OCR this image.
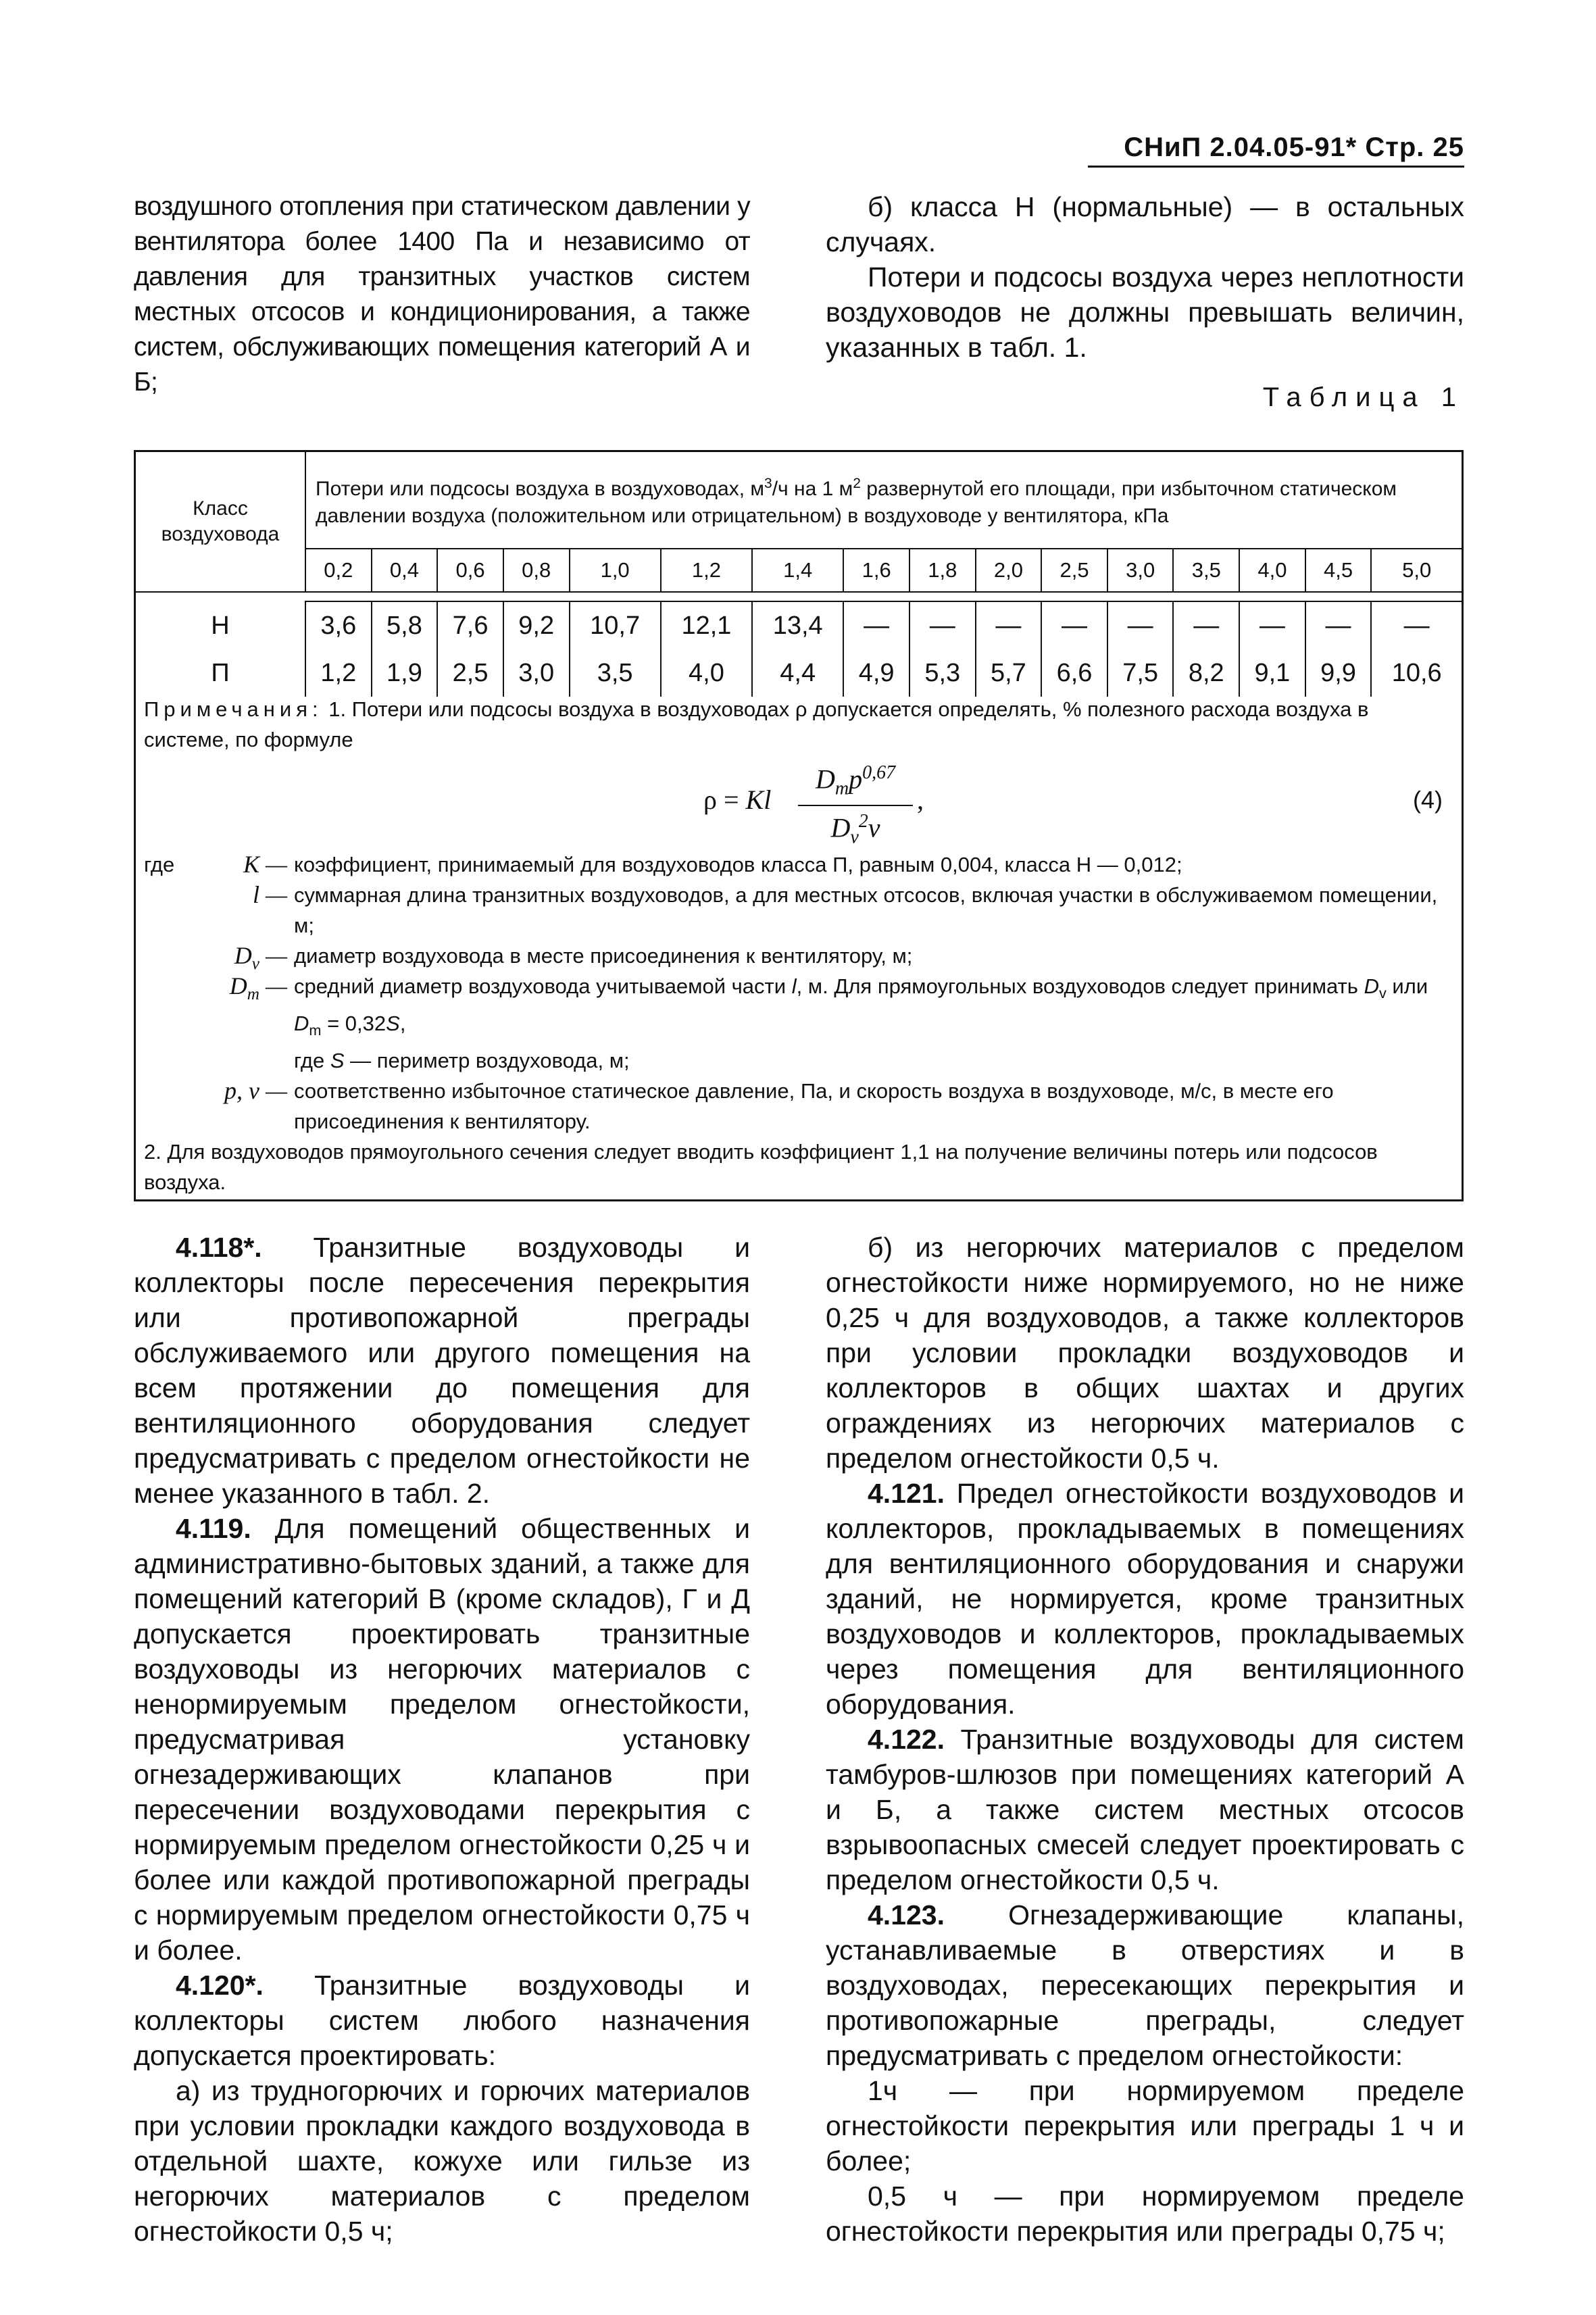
СНиП 2.04.05-91* Стр. 25

воздушного отопления при статическом давлении у вентилятора более 1400 Па и независимо от давления для транзитных участков систем местных отсосов и кондиционирования, а также систем, обслуживающих помещения категорий А и Б;

б) класса Н (нормальные) — в остальных случаях.

Потери и подсосы воздуха через неплотности воздуховодов не должны превышать величин, указанных в табл. 1.

Таблица 1
Класс воздуховода	Потери или подсосы воздуха в воздуховодах, $м^3/ч$ на 1 $м^2$ развернутой его площади, при избыточном статическом давлении воздуха (положительном или отрицательном) в воздуховоде у вентилятора, кПа															
	0,2	0,4	0,6	0,8	1,0	1,2	1,4	1,6	1,8	2,0	2,5	3,0	3,5	4,0	4,5	5,0

Н	3,6	5,8	7,6	9,2	10,7	12,1	13,4	—	—	—	—	—	—	—	—	—
П	1,2	1,9	2,5	3,0	3,5	4,0	4,4	4,9	5,3	5,7	6,6	7,5	8,2	9,1	9,9	10,6

Примечания: 1. Потери или подсосы воздуха в воздуховодах ρ допускается определять, % полезного расхода воздуха в системе, по формуле

ρ = Kl
$D_mp^{0,67}$
$D_v^2v$
,	(4)
где	K — коэффициент, принимаемый для воздуховодов класса П, равным 0,004, класса Н — 0,012;
l — суммарная длина транзитных воздуховодов, а для местных отсосов, включая участки в обслуживаемом помещении, м;
$D_v$ — диаметр воздуховода в месте присоединения к вентилятору, м;
$D_m$ — средний диаметр воздуховода учитываемой части l, м. Для прямоугольных воздуховодов следует принимать $D_v$ или $D_m = 0,32S$,
где S — периметр воздуховода, м;
p, v — соответственно избыточное статическое давление, Па, и скорость воздуха в воздуховоде, м/с, в месте его присоединения к вентилятору.

2. Для воздуховодов прямоугольного сечения следует вводить коэффициент 1,1 на получение величины потерь или подсосов воздуха.

4.118*. Транзитные воздуховоды и коллекторы после пересечения перекрытия или противопожарной преграды обслуживаемого или другого помещения на всем протяжении до помещения для вентиляционного оборудования следует предусматривать с пределом огнестойкости не менее указанного в табл. 2.

4.119. Для помещений общественных и административно-бытовых зданий, а также для помещений категорий В (кроме складов), Г и Д допускается проектировать транзитные воздуховоды из негорючих материалов с ненормируемым пределом огнестойкости, предусматривая установку огнезадерживающих клапанов при пересечении воздуховодами перекрытия с нормируемым пределом огнестойкости 0,25 ч и более или каждой противопожарной преграды с нормируемым пределом огнестойкости 0,75 ч и более.

4.120*. Транзитные воздуховоды и коллекторы систем любого назначения допускается проектировать:

а) из трудногорючих и горючих материалов при условии прокладки каждого воздуховода в отдельной шахте, кожухе или гильзе из негорючих материалов с пределом огнестойкости 0,5 ч;

б) из негорючих материалов с пределом огнестойкости ниже нормируемого, но не ниже 0,25 ч для воздуховодов, а также коллекторов при условии прокладки воздуховодов и коллекторов в общих шахтах и других ограждениях из негорючих материалов с пределом огнестойкости 0,5 ч.

4.121. Предел огнестойкости воздуховодов и коллекторов, прокладываемых в помещениях для вентиляционного оборудования и снаружи зданий, не нормируется, кроме транзитных воздуховодов и коллекторов, прокладываемых через помещения для вентиляционного оборудования.

4.122. Транзитные воздуховоды для систем тамбуров-шлюзов при помещениях категорий А и Б, а также систем местных отсосов взрывоопасных смесей следует проектировать с пределом огнестойкости 0,5 ч.

4.123. Огнезадерживающие клапаны, устанавливаемые в отверстиях и в воздуховодах, пересекающих перекрытия и противопожарные преграды, следует предусматривать с пределом огнестойкости:

1ч — при нормируемом пределе огнестойкости перекрытия или преграды 1 ч и более;

0,5 ч — при нормируемом пределе огнестойкости перекрытия или преграды 0,75 ч;
